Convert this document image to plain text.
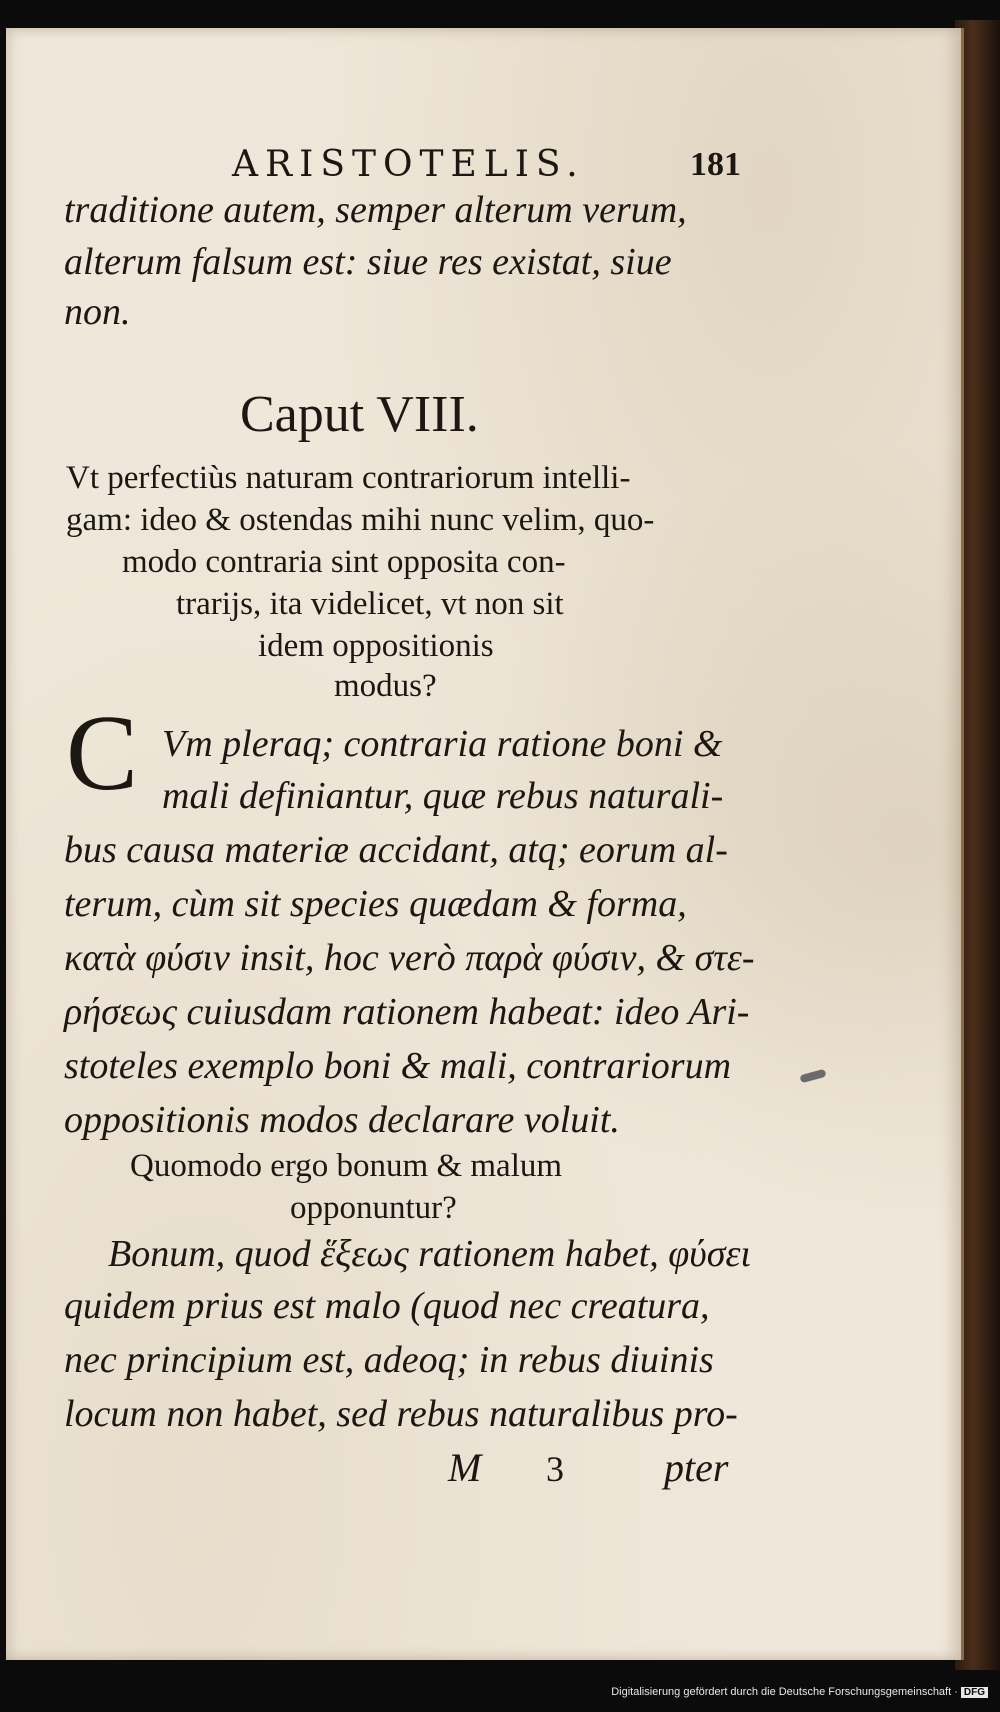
ARISTOTELIS.	181
traditione autem, semper alterum verum,
alterum falsum est: siue res existat, siue
non.
Caput VIII.
Vt perfectiùs naturam contrariorum intelli-
gam: ideo & ostendas mihi nunc velim, quo-
modo contraria sint opposita con-
trarijs, ita videlicet, vt non sit
idem oppositionis
modus?
C Vm pleraq; contraria ratione boni &
mali definiantur, quæ rebus naturali-
bus causa materiæ accidant, atq; eorum al-
terum, cùm sit species quædam & forma,
κατὰ φύσιν insit, hoc verò παρὰ φύσιν, & στε-
ρήσεως cuiusdam rationem habeat: ideo Ari-
stoteles exemplo boni & mali, contrariorum
oppositionis modos declarare voluit.
Quomodo ergo bonum & malum
opponuntur?
Bonum, quod ἕξεως rationem habet, φύσει
quidem prius est malo (quod nec creatura,
nec principium est, adeoq; in rebus diuinis
locum non habet, sed rebus naturalibus pro-
M 3	pter
Digitalisierung gefördert durch die Deutsche Forschungsgemeinschaft · DFG
